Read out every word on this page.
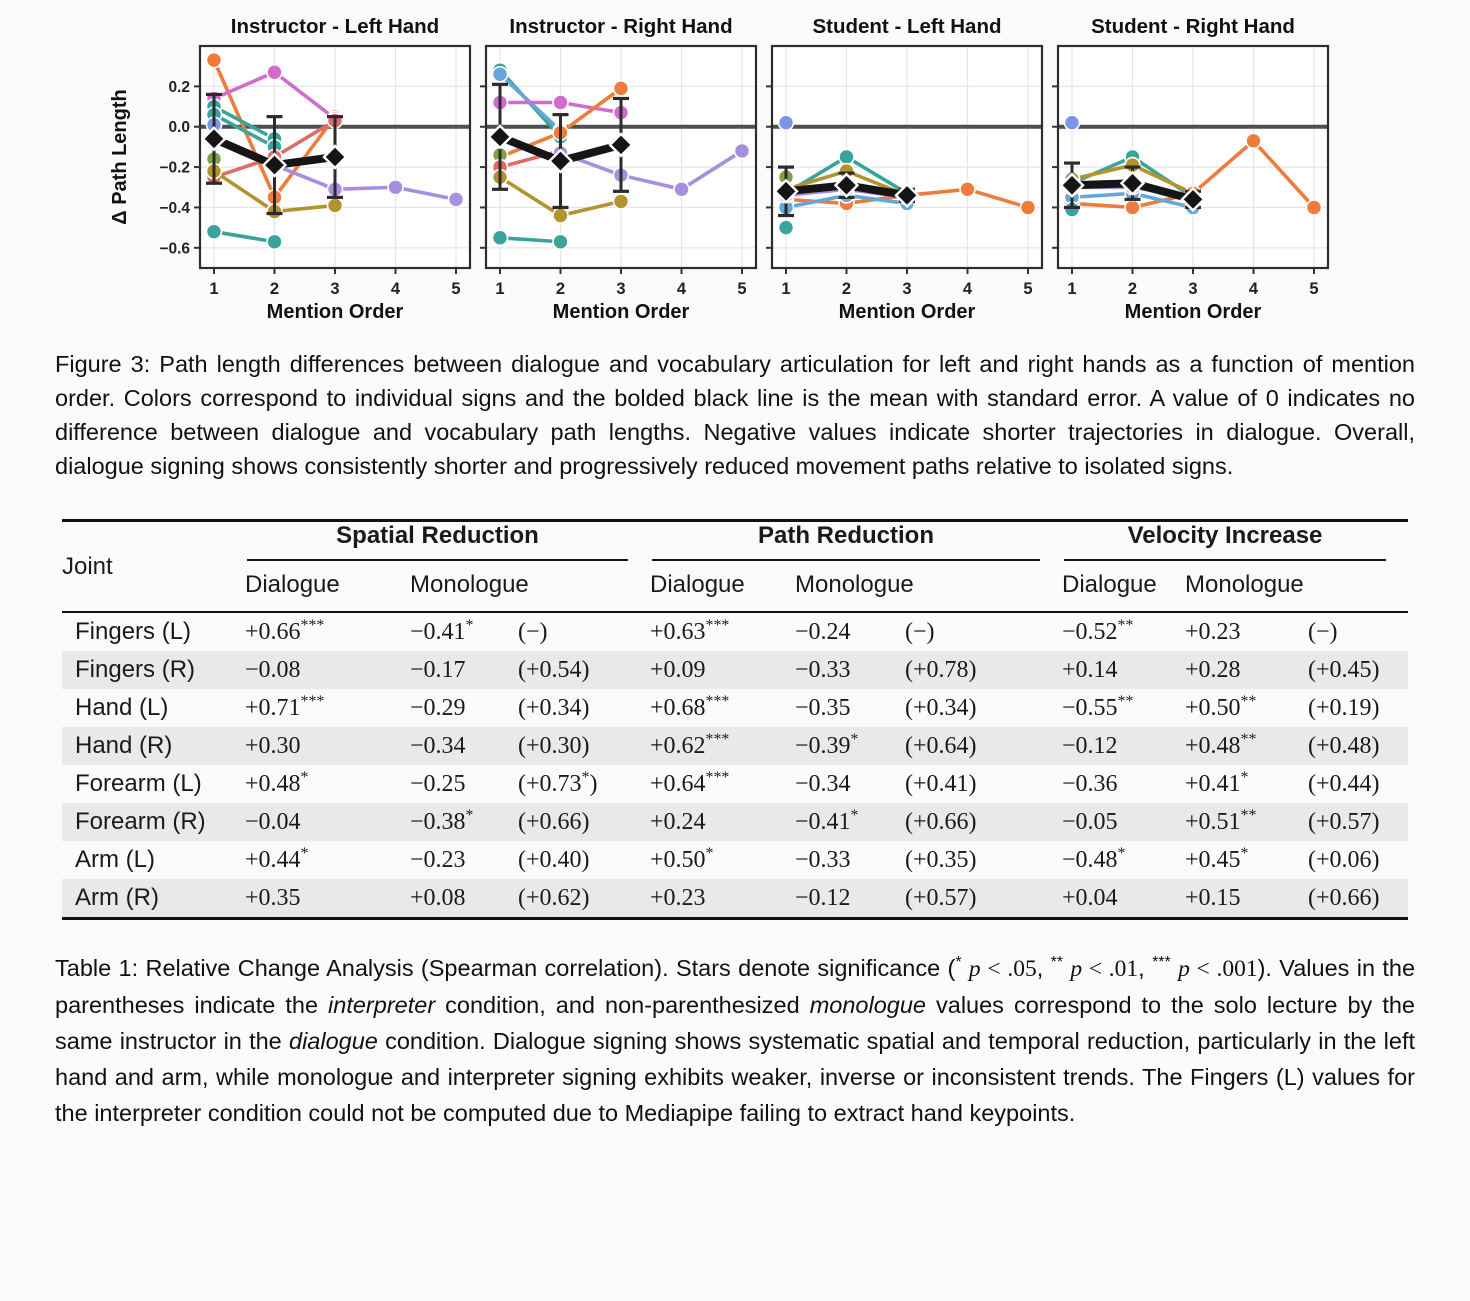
Instructor - Left Hand
1	2	3	4	5
Mention Order
0.2
0.0
−0.2
−0.4
−0.6
Δ Path Length
Instructor - Right Hand
1	2	3	4	5
Mention Order
Student - Left Hand
1	2	3	4	5
Mention Order
Student - Right Hand
1	2	3	4	5
Mention Order
Figure 3: Path length differences between dialogue and vocabulary articulation for left and right hands as a function of mention order. Colors correspond to individual signs and the bolded black line is the mean with standard error. A value of 0 indicates no difference between dialogue and vocabulary path lengths. Negative values indicate shorter trajectories in dialogue. Overall, dialogue signing shows consistently shorter and progressively reduced movement paths relative to isolated signs.
Joint	Spatial Reduction			Path Reduction			Velocity Increase		

	Dialogue	Monologue		Dialogue	Monologue		Dialogue	Monologue	
Fingers (L)	+0.66***	−0.41*	(−)	+0.63***	−0.24	(−)	−0.52**	+0.23	(−)
Fingers (R)	−0.08	−0.17	(+0.54)	+0.09	−0.33	(+0.78)	+0.14	+0.28	(+0.45)
Hand (L)	+0.71***	−0.29	(+0.34)	+0.68***	−0.35	(+0.34)	−0.55**	+0.50**	(+0.19)
Hand (R)	+0.30	−0.34	(+0.30)	+0.62***	−0.39*	(+0.64)	−0.12	+0.48**	(+0.48)
Forearm (L)	+0.48*	−0.25	(+0.73*)	+0.64***	−0.34	(+0.41)	−0.36	+0.41*	(+0.44)
Forearm (R)	−0.04	−0.38*	(+0.66)	+0.24	−0.41*	(+0.66)	−0.05	+0.51**	(+0.57)
Arm (L)	+0.44*	−0.23	(+0.40)	+0.50*	−0.33	(+0.35)	−0.48*	+0.45*	(+0.06)
Arm (R)	+0.35	+0.08	(+0.62)	+0.23	−0.12	(+0.57)	+0.04	+0.15	(+0.66)
Table 1: Relative Change Analysis (Spearman correlation). Stars denote significance (* p < .05, ** p < .01, *** p < .001). Values in the parentheses indicate the interpreter condition, and non-parenthesized monologue values correspond to the solo lecture by the same instructor in the dialogue condition. Dialogue signing shows systematic spatial and temporal reduction, particularly in the left hand and arm, while monologue and interpreter signing exhibits weaker, inverse or inconsistent trends. The Fingers (L) values for the interpreter condition could not be computed due to Mediapipe failing to extract hand keypoints.
